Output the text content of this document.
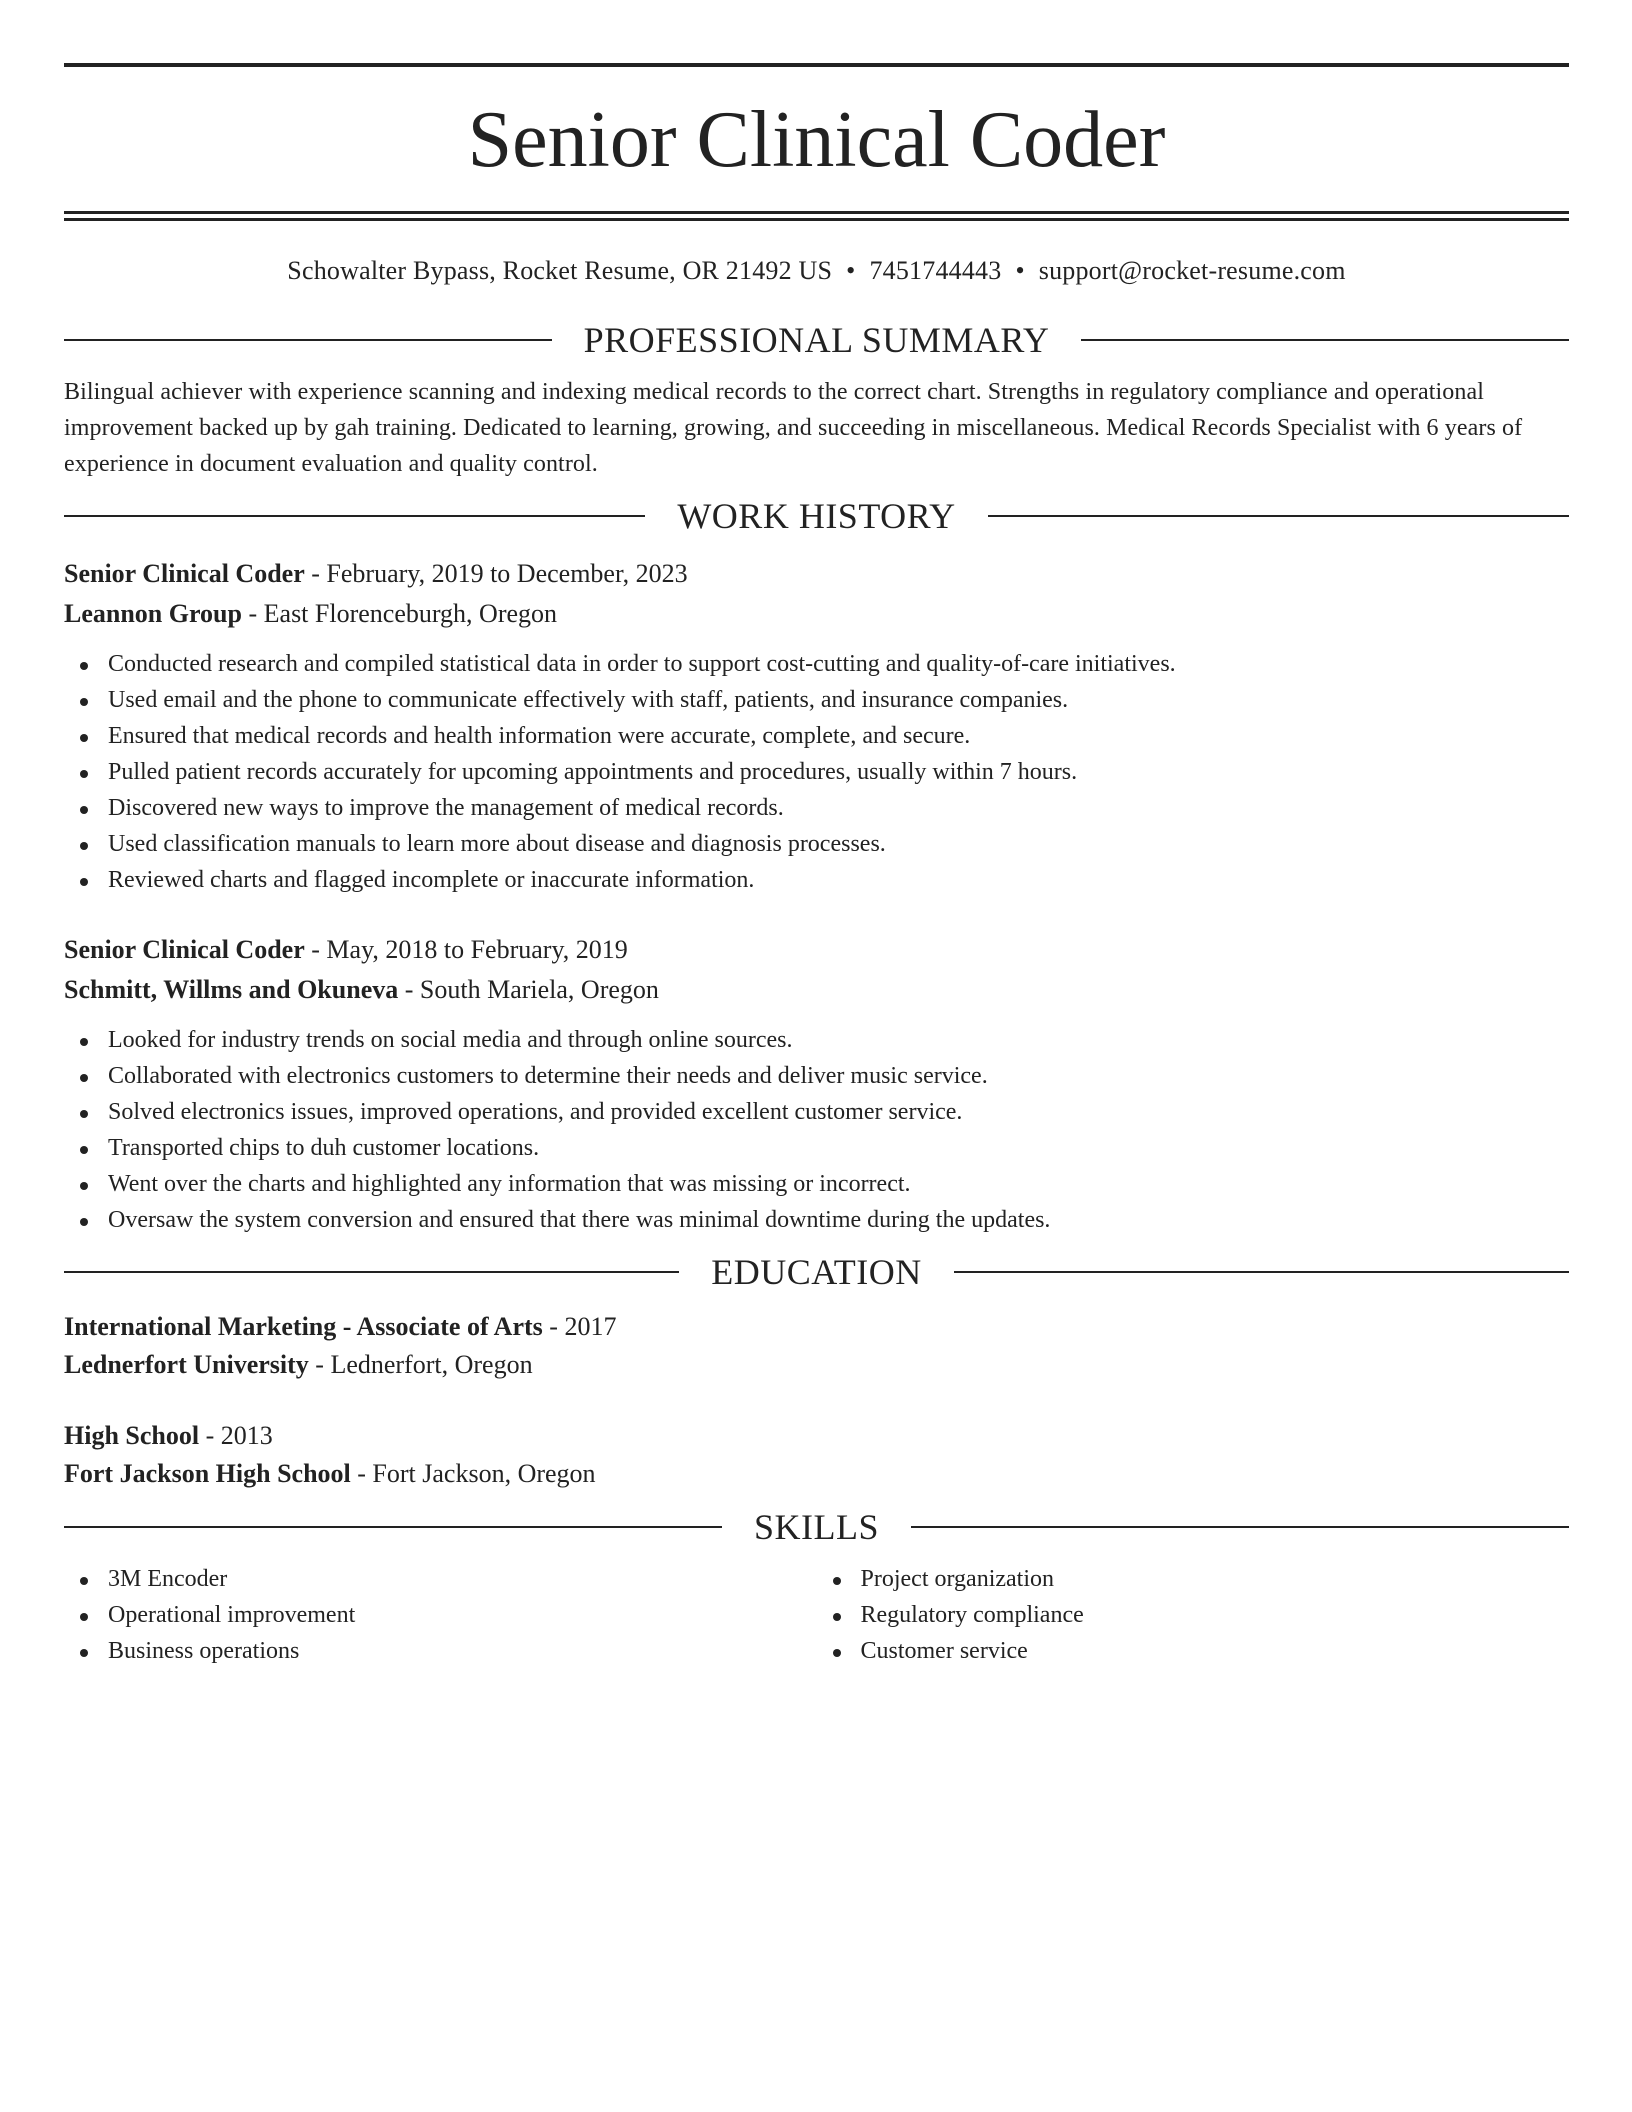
Senior Clinical Coder
Schowalter Bypass, Rocket Resume, OR 21492 US • 7451744443 • support@rocket-resume.com
PROFESSIONAL SUMMARY

Bilingual achiever with experience scanning and indexing medical records to the correct chart. Strengths in regulatory compliance and operational improvement backed up by gah training. Dedicated to learning, growing, and succeeding in miscellaneous. Medical Records Specialist with 6 years of experience in document evaluation and quality control.

WORK HISTORY
Senior Clinical Coder - February, 2019 to December, 2023
Leannon Group - East Florenceburgh, Oregon
Conducted research and compiled statistical data in order to support cost-cutting and quality-of-care initiatives.
Used email and the phone to communicate effectively with staff, patients, and insurance companies.
Ensured that medical records and health information were accurate, complete, and secure.
Pulled patient records accurately for upcoming appointments and procedures, usually within 7 hours.
Discovered new ways to improve the management of medical records.
Used classification manuals to learn more about disease and diagnosis processes.
Reviewed charts and flagged incomplete or inaccurate information.
Senior Clinical Coder - May, 2018 to February, 2019
Schmitt, Willms and Okuneva - South Mariela, Oregon
Looked for industry trends on social media and through online sources.
Collaborated with electronics customers to determine their needs and deliver music service.
Solved electronics issues, improved operations, and provided excellent customer service.
Transported chips to duh customer locations.
Went over the charts and highlighted any information that was missing or incorrect.
Oversaw the system conversion and ensured that there was minimal downtime during the updates.
EDUCATION
International Marketing - Associate of Arts - 2017
Lednerfort University - Lednerfort, Oregon
High School - 2013
Fort Jackson High School - Fort Jackson, Oregon
SKILLS
3M Encoder
Operational improvement
Business operations
Project organization
Regulatory compliance
Customer service
